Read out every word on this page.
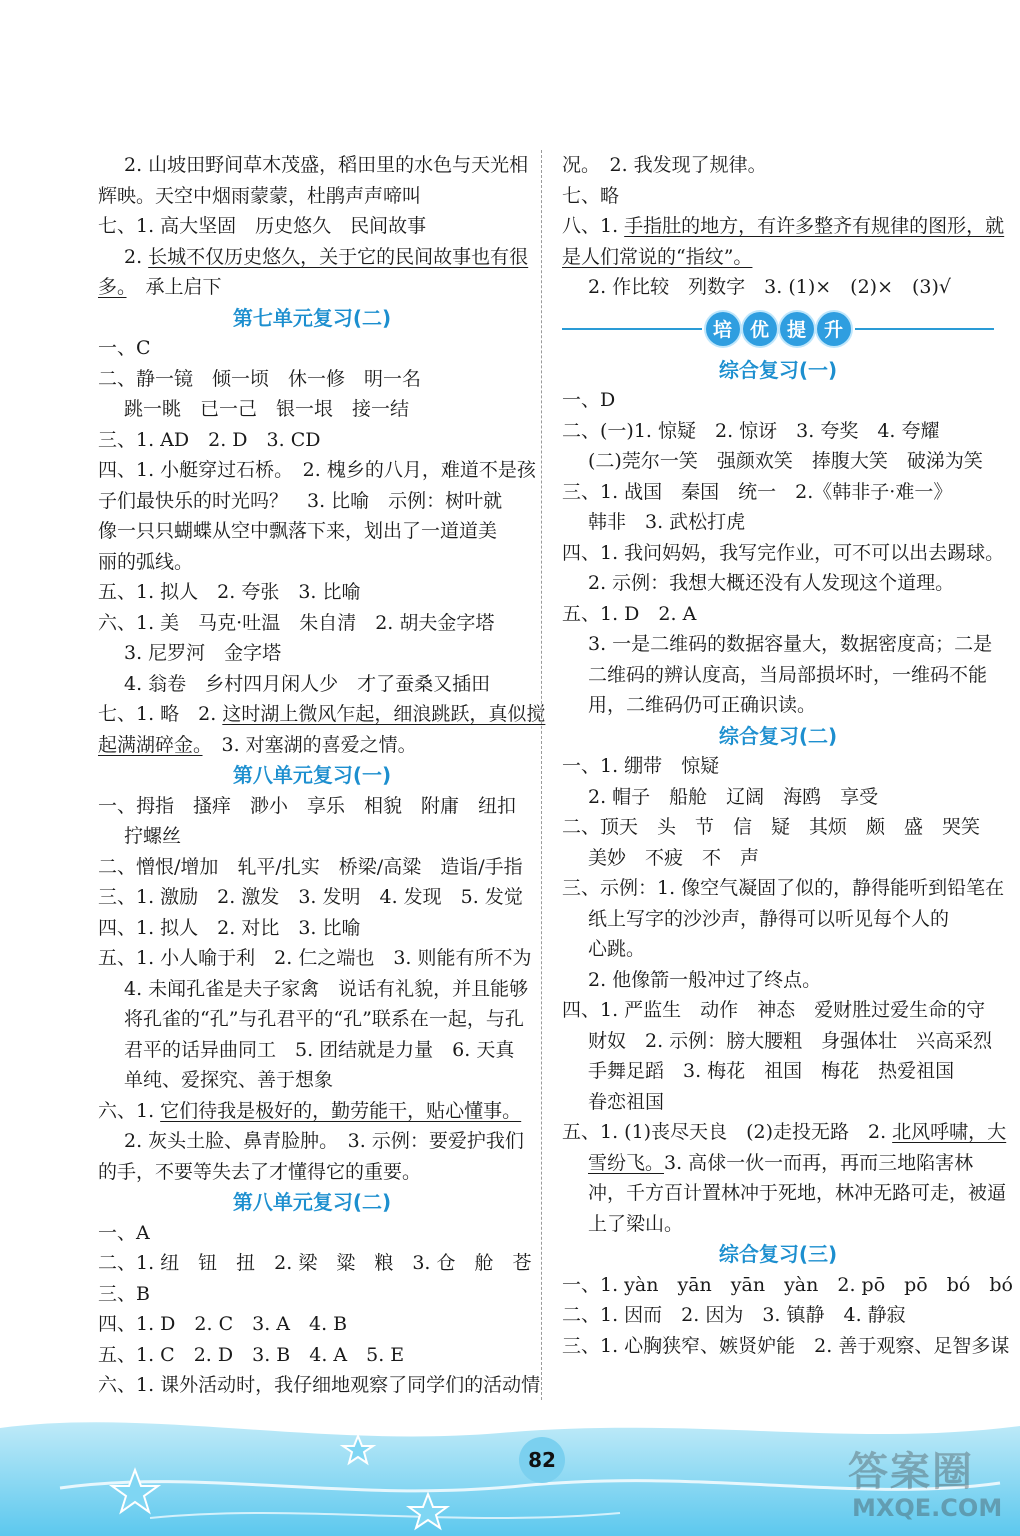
2. 山坡田野间草木茂盛，稻田里的水色与天光相
辉映。天空中烟雨蒙蒙，杜鹃声声啼叫
七、1. 高大坚固　历史悠久　民间故事
2. 长城不仅历史悠久，关于它的民间故事也有很
多。　承上启下
第七单元复习(二)
一、C
二、静一镜　倾一顷　休一修　明一名
跳一眺　已一己　银一垠　接一结
三、1. AD　2. D　3. CD
四、1. 小艇穿过石桥。　2. 槐乡的八月，难道不是孩
子们最快乐的时光吗？　3. 比喻　示例：树叶就
像一只只蝴蝶从空中飘落下来，划出了一道道美
丽的弧线。
五、1. 拟人　2. 夸张　3. 比喻
六、1. 美　马克·吐温　朱自清　2. 胡夫金字塔
3. 尼罗河　金字塔
4. 翁卷　乡村四月闲人少　才了蚕桑又插田
七、1. 略　2. 这时湖上微风乍起，细浪跳跃，真似搅
起满湖碎金。　3. 对塞湖的喜爱之情。
第八单元复习(一)
一、拇指　搔痒　渺小　享乐　相貌　附庸　纽扣
拧螺丝
二、憎恨/增加　轧平/扎实　桥梁/高粱　造诣/手指
三、1. 激励　2. 激发　3. 发明　4. 发现　5. 发觉
四、1. 拟人　2. 对比　3. 比喻
五、1. 小人喻于利　2. 仁之端也　3. 则能有所不为
4. 未闻孔雀是夫子家禽　说话有礼貌，并且能够
将孔雀的“孔”与孔君平的“孔”联系在一起，与孔
君平的话异曲同工　5. 团结就是力量　6. 天真
单纯、爱探究、善于想象
六、1. 它们待我是极好的，勤劳能干，贴心懂事。
2. 灰头土脸、鼻青脸肿。　3. 示例：要爱护我们
的手，不要等失去了才懂得它的重要。
第八单元复习(二)
一、A
二、1. 纽　钮　扭　2. 梁　粱　粮　3. 仓　舱　苍
三、B
四、1. D　2. C　3. A　4. B
五、1. C　2. D　3. B　4. A　5. E
六、1. 课外活动时，我仔细地观察了同学们的活动情
况。　2. 我发现了规律。
七、略
八、1. 手指肚的地方，有许多整齐有规律的图形，就
是人们常说的“指纹”。
2. 作比较　列数字　3. (1)×　(2)×　(3)√
培 优 提 升
综合复习(一)
一、D
二、(一)1. 惊疑　2. 惊讶　3. 夸奖　4. 夸耀
(二)莞尔一笑　强颜欢笑　捧腹大笑　破涕为笑
三、1. 战国　秦国　统一　2.《韩非子·难一》
韩非　3. 武松打虎
四、1. 我问妈妈，我写完作业，可不可以出去踢球。
2. 示例：我想大概还没有人发现这个道理。
五、1. D　2. A
3. 一是二维码的数据容量大，数据密度高；二是
二维码的辨认度高，当局部损坏时，一维码不能
用，二维码仍可正确识读。
综合复习(二)
一、1. 绷带　惊疑
2. 帽子　船舱　辽阔　海鸥　享受
二、顶天　头　节　信　疑　其烦　颇　盛　哭笑
美妙　不疲　不　声
三、示例：1. 像空气凝固了似的，静得能听到铅笔在
纸上写字的沙沙声，静得可以听见每个人的
心跳。
2. 他像箭一般冲过了终点。
四、1. 严监生　动作　神态　爱财胜过爱生命的守
财奴　2. 示例：膀大腰粗　身强体壮　兴高采烈
手舞足蹈　3. 梅花　祖国　梅花　热爱祖国
眷恋祖国
五、1. (1)丧尽天良　(2)走投无路　2. 北风呼啸，大
雪纷飞。3. 高俅一伙一而再，再而三地陷害林
冲，千方百计置林冲于死地，林冲无路可走，被逼
上了梁山。
综合复习(三)
一、1. yàn　yān　yān　yàn　2. pō　pō　bó　bó
二、1. 因而　2. 因为　3. 镇静　4. 静寂
三、1. 心胸狭窄、嫉贤妒能　2. 善于观察、足智多谋
82	答案圈
MXQE.COM
